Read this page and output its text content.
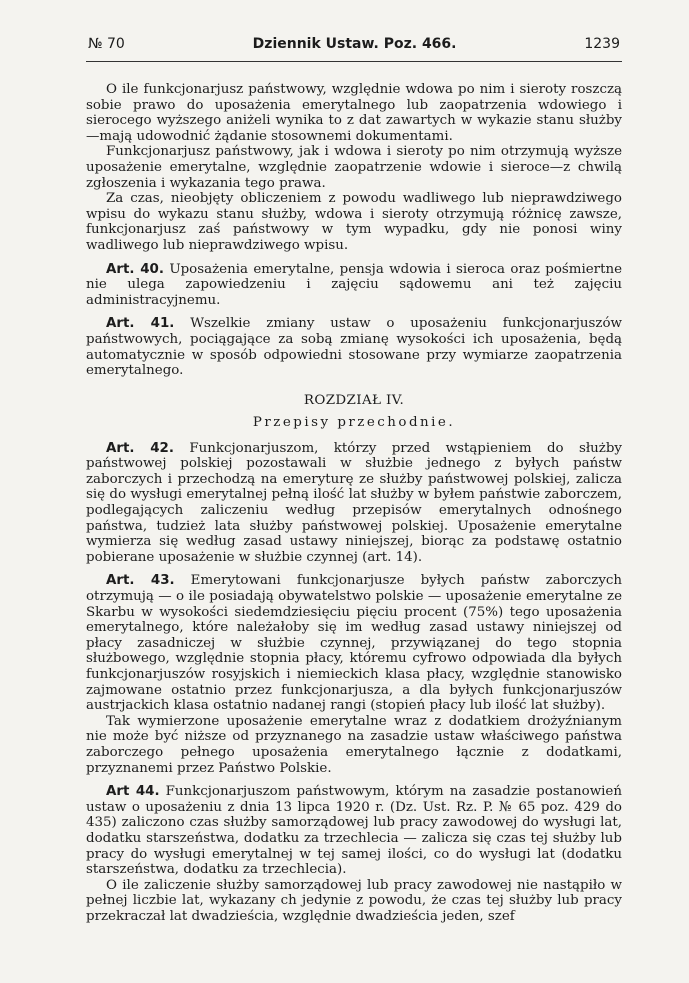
№ 70	Dziennik Ustaw. Poz. 466.	1239

O ile funkcjonarjusz państwowy, względnie wdowa po nim i sieroty roszczą sobie prawo do uposażenia emerytalnego lub zaopatrzenia wdowiego i sierocego wyższego aniżeli wynika to z dat zawartych w wykazie stanu służby—mają udowodnić żądanie stosownemi dokumentami.

Funkcjonarjusz państwowy, jak i wdowa i sieroty po nim otrzymują wyższe uposażenie emerytalne, względnie zaopatrzenie wdowie i sieroce—z chwilą zgłoszenia i wykazania tego prawa.

Za czas, nieobjęty obliczeniem z powodu wadliwego lub nieprawdziwego wpisu do wykazu stanu służby, wdowa i sieroty otrzymują różnicę zawsze, funkcjonarjusz zaś państwowy w tym wypadku, gdy nie ponosi winy wadliwego lub nieprawdziwego wpisu.

Art. 40. Uposażenia emerytalne, pensja wdowia i sieroca oraz pośmiertne nie ulega zapowiedzeniu i zajęciu sądowemu ani też zajęciu administracyjnemu.

Art. 41. Wszelkie zmiany ustaw o uposażeniu funkcjonarjuszów państwowych, pociągające za sobą zmianę wysokości ich uposażenia, będą automatycznie w sposób odpowiedni stosowane przy wymiarze zaopatrzenia emerytalnego.

ROZDZIAŁ IV.
Przepisy przechodnie.

Art. 42. Funkcjonarjuszom, którzy przed wstąpieniem do służby państwowej polskiej pozostawali w służbie jednego z byłych państw zaborczych i przechodzą na emeryturę ze służby państwowej polskiej, zalicza się do wysługi emerytalnej pełną ilość lat służby w byłem państwie zaborczem, podlegających zaliczeniu według przepisów emerytalnych odnośnego państwa, tudzież lata służby państwowej polskiej. Uposażenie emerytalne wymierza się według zasad ustawy niniejszej, biorąc za podstawę ostatnio pobierane uposażenie w służbie czynnej (art. 14).

Art. 43. Emerytowani funkcjonarjusze byłych państw zaborczych otrzymują — o ile posiadają obywatelstwo polskie — uposażenie emerytalne ze Skarbu w wysokości siedemdziesięciu pięciu procent (75%) tego uposażenia emerytalnego, które należałoby się im według zasad ustawy niniejszej od płacy zasadniczej w służbie czynnej, przywiązanej do tego stopnia służbowego, względnie stopnia płacy, któremu cyfrowo odpowiada dla byłych funkcjonarjuszów rosyjskich i niemieckich klasa płacy, względnie stanowisko zajmowane ostatnio przez funkcjonarjusza, a dla byłych funkcjonarjuszów austrjackich klasa ostatnio nadanej rangi (stopień płacy lub ilość lat służby).

Tak wymierzone uposażenie emerytalne wraz z dodatkiem drożyźnianym nie może być niższe od przyznanego na zasadzie ustaw właściwego państwa zaborczego pełnego uposażenia emerytalnego łącznie z dodatkami, przyznanemi przez Państwo Polskie.

Art 44. Funkcjonarjuszom państwowym, którym na zasadzie postanowień ustaw o uposażeniu z dnia 13 lipca 1920 r. (Dz. Ust. Rz. P. № 65 poz. 429 do 435) zaliczono czas służby samorządowej lub pracy zawodowej do wysługi lat, dodatku starszeństwa, dodatku za trzechlecia — zalicza się czas tej służby lub pracy do wysługi emerytalnej w tej samej ilości, co do wysługi lat (dodatku starszeństwa, dodatku za trzechlecia).

O ile zaliczenie służby samorządowej lub pracy zawodowej nie nastąpiło w pełnej liczbie lat, wykazany ch jedynie z powodu, że czas tej służby lub pracy przekraczał lat dwadzieścia, względnie dwadzieścia jeden, szef
